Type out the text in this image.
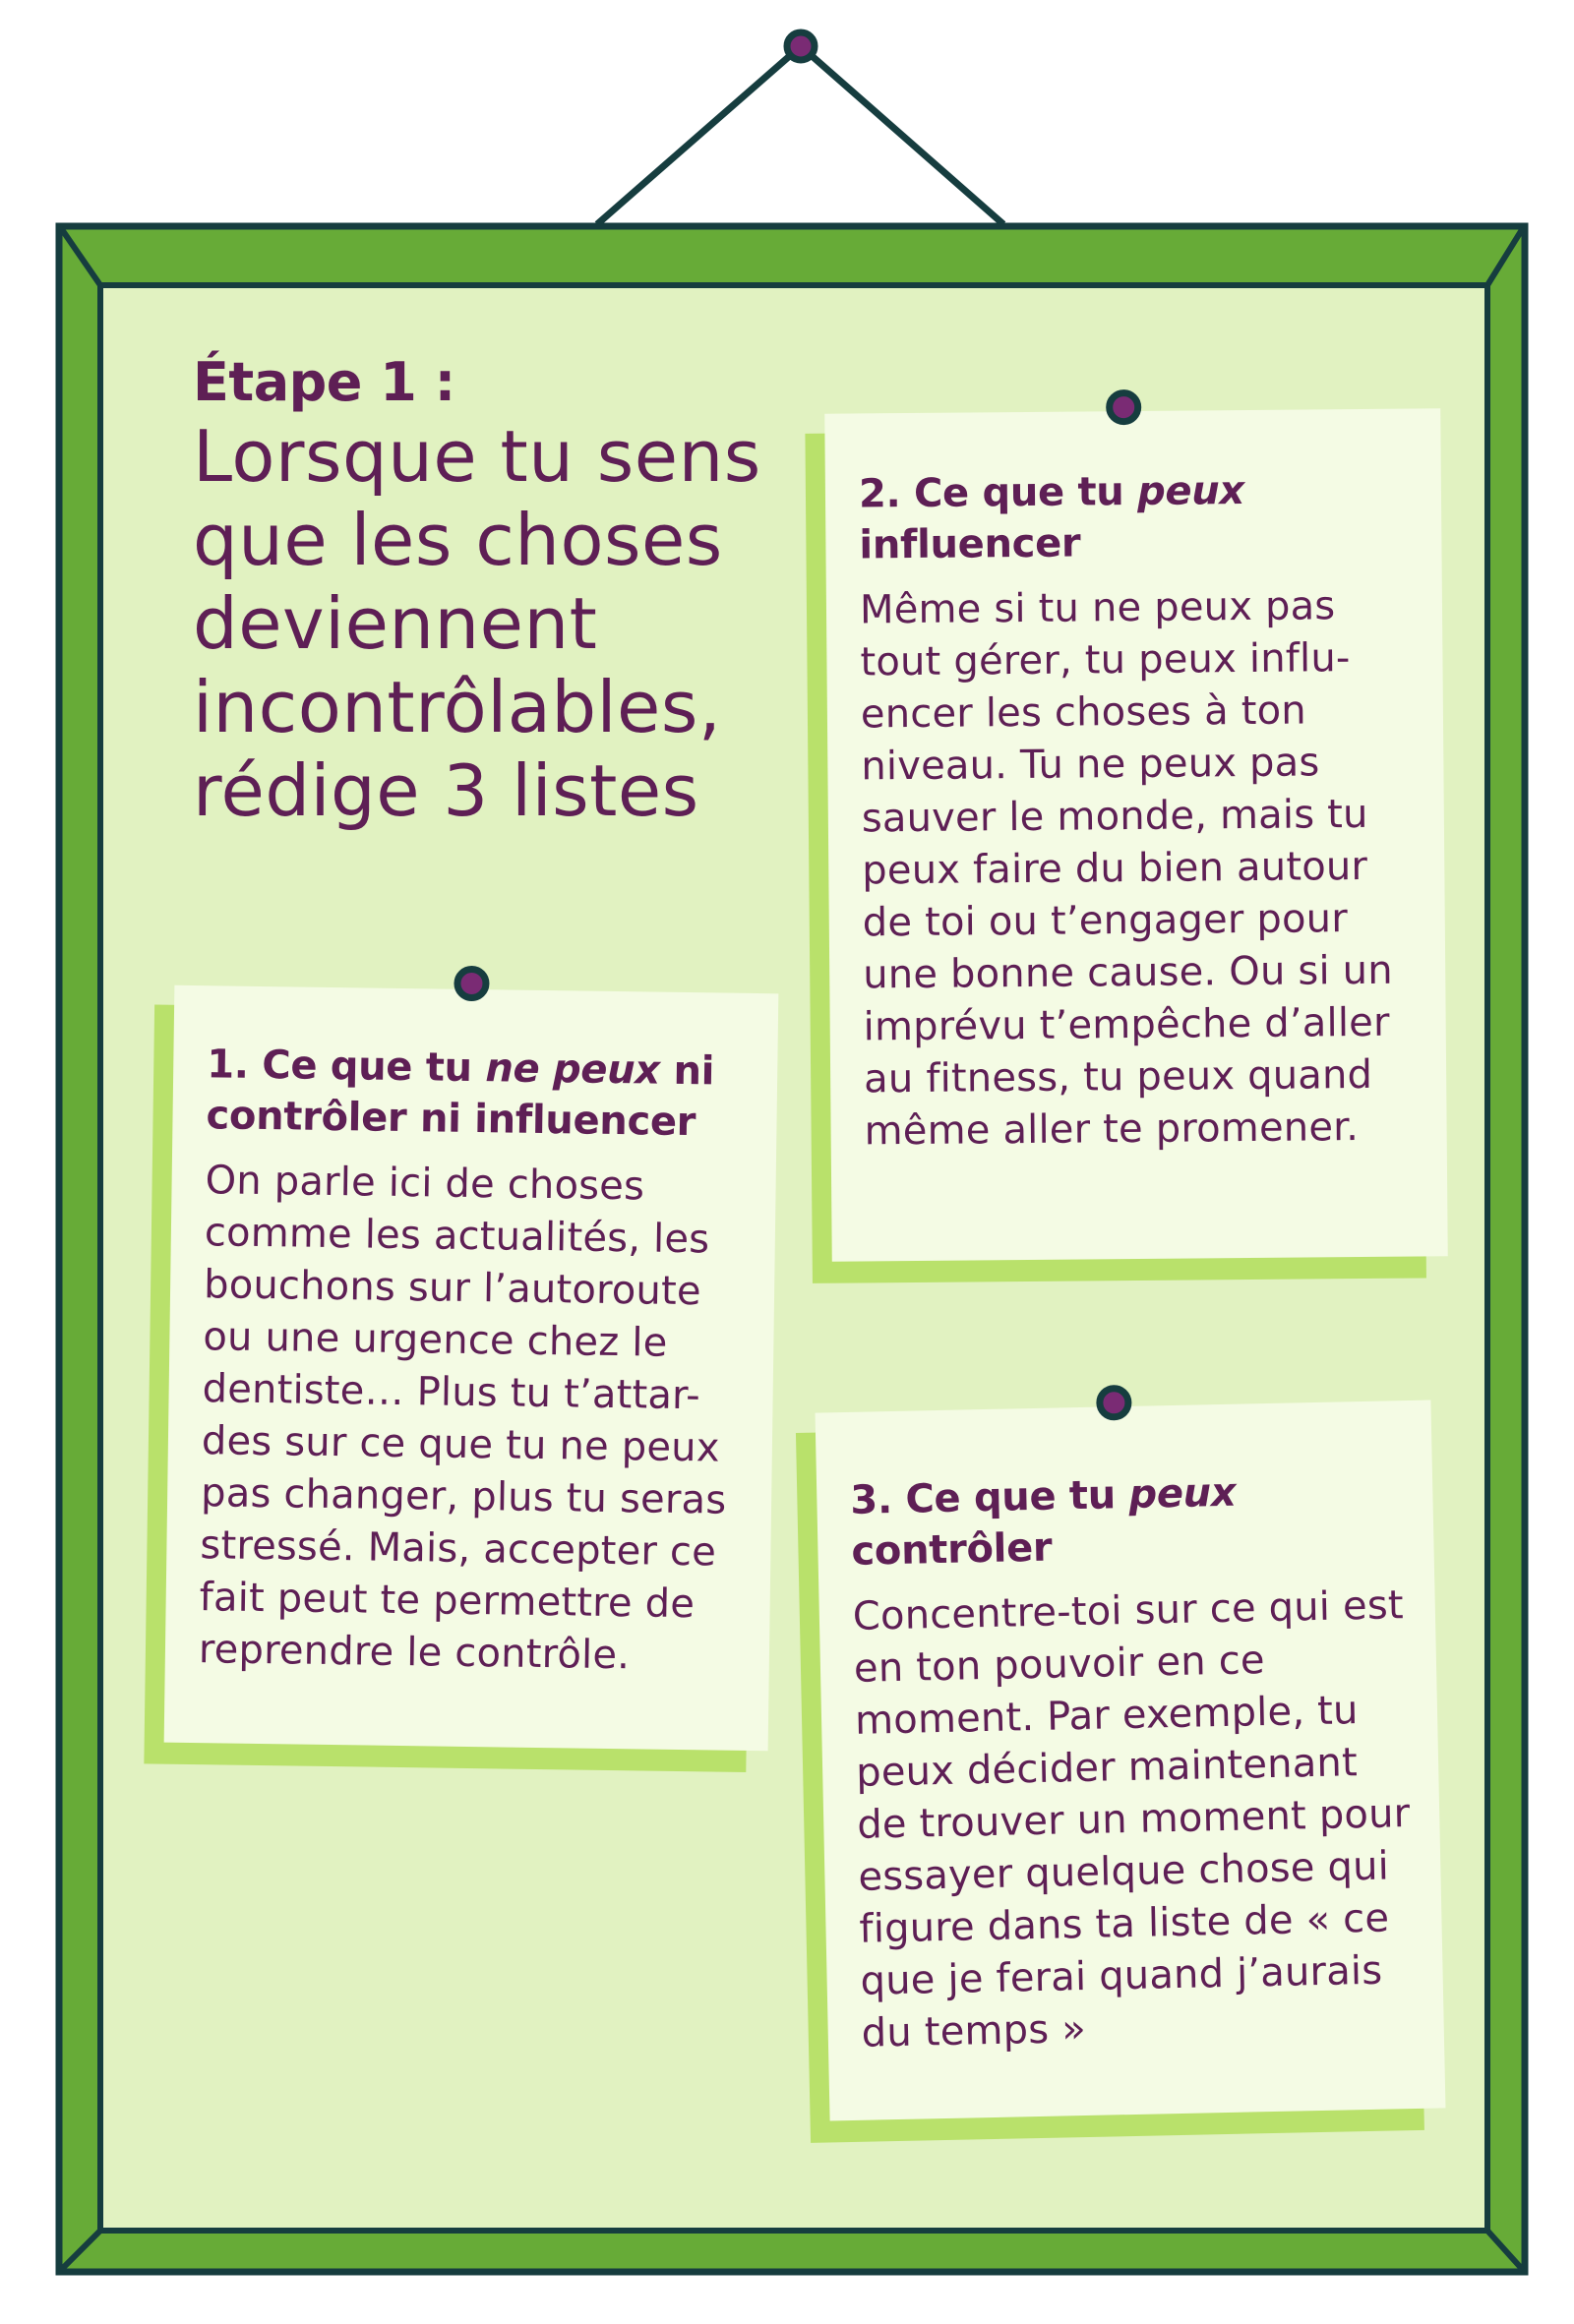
Étape 1 :
Lorsque tu sens que les choses deviennent incontrôlables, rédige 3 listes
1. Ce que tu ne peux ni contrôler ni influencer

On parle ici de choses comme les actualités, les bouchons sur l’autoroute ou une urgence chez le dentiste… Plus tu t’attar-des sur ce que tu ne peux pas changer, plus tu seras stressé. Mais, accepter ce fait peut te permettre de reprendre le contrôle.

2. Ce que tu peux influencer

Même si tu ne peux pas tout gérer, tu peux influ-encer les choses à ton niveau. Tu ne peux pas sauver le monde, mais tu peux faire du bien autour de toi ou t’engager pour une bonne cause. Ou si un imprévu t’empêche d’aller au fitness, tu peux quand même aller te promener.

3. Ce que tu peux contrôler

Concentre-toi sur ce qui est en ton pouvoir en ce moment. Par exemple, tu peux décider maintenant de trouver un moment pour essayer quelque chose qui figure dans ta liste de « ce que je ferai quand j’aurais du temps »
